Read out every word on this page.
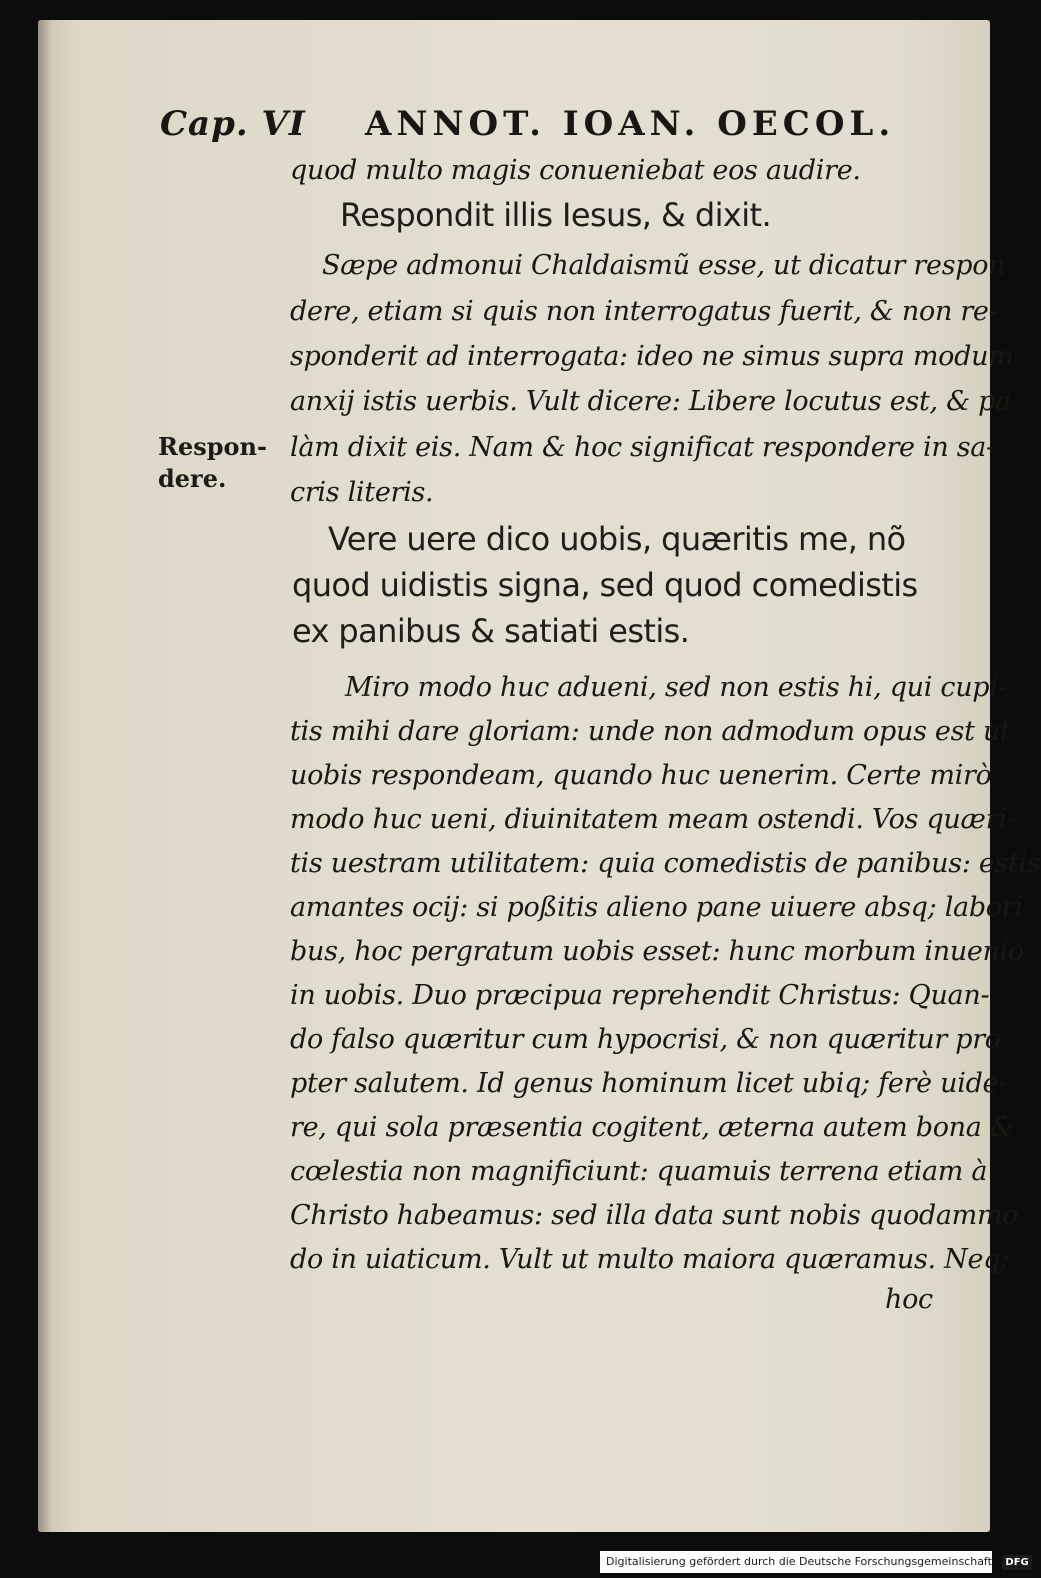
Cap. VI ANNOT. IOAN. OECOL.
quod multo magis conueniebat eos audire.
Respondit illis Iesus, & dixit.
Sæpe admonui Chaldaismũ esse, ut dicatur respon
dere, etiam si quis non interrogatus fuerit, & non re-
sponderit ad interrogata: ideo ne simus supra modum
anxij istis uerbis. Vult dicere: Libere locutus est, & pa
làm dixit eis. Nam & hoc significat respondere in sa-
cris literis.
Respon-
dere.
Vere uere dico uobis, quæritis me, nõ
quod uidistis signa, sed quod comedistis
ex panibus & satiati estis.
Miro modo huc adueni, sed non estis hi, qui cupi-
tis mihi dare gloriam: unde non admodum opus est ut
uobis respondeam, quando huc uenerim. Certe mirò
modo huc ueni, diuinitatem meam ostendi. Vos quæri-
tis uestram utilitatem: quia comedistis de panibus: estis
amantes ocij: si poßitis alieno pane uiuere absq; labori
bus, hoc pergratum uobis esset: hunc morbum inuenio
in uobis. Duo præcipua reprehendit Christus: Quan-
do falso quæritur cum hypocrisi, & non quæritur pro
pter salutem. Id genus hominum licet ubiq; ferè uide-
re, qui sola præsentia cogitent, æterna autem bona &
cœlestia non magnificiunt: quamuis terrena etiam à
Christo habeamus: sed illa data sunt nobis quodammo
do in uiaticum. Vult ut multo maiora quæramus. Neq;
hoc
Digitalisierung gefördert durch die Deutsche Forschungsgemeinschaft - DFG
